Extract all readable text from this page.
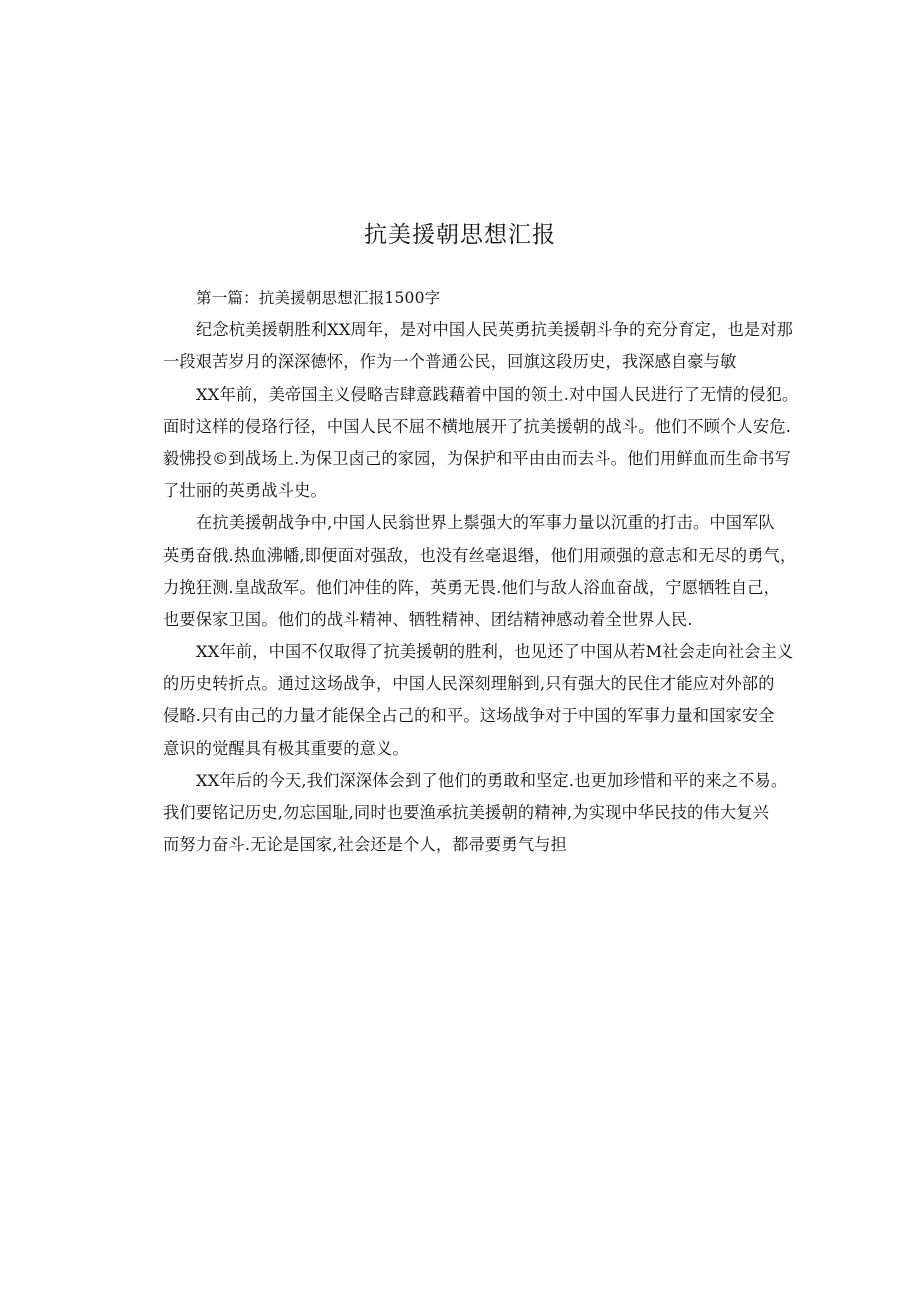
抗美援朝思想汇报
第一篇：抗美援朝思想汇报1500字
纪念杭美援朝胜利XX周年，是对中国人民英勇抗美援朝斗争的充分育定，也是对那
一段艰苦岁月的深深德怀，作为一个普通公民，回旗这段历史，我深感自豪与敏
XX年前，美帝国主义侵略吉肆意践藉着中国的领土.对中国人民进行了无情的侵犯。
面时这样的侵珞行径，中国人民不屈不横地展开了抗美援朝的战斗。他们不顾个人安危.
毅怫投©到战场上.为保卫卤己的家园，为保护和平由由而去斗。他们用鲜血而生命书写
了壮丽的英勇战斗史。
在抗美援朝战争中,中国人民翁世界上鬃强大的军事力量以沉重的打击。中国军队
英勇奋俄.热血沸幡,即便面对强敌，也没有丝毫退缗，他们用顽强的意志和无尽的勇气，
力挽狂测.皇战敌军。他们冲佳的阵，英勇无畏.他们与敌人浴血奋战，宁愿牺牲自己，
也要保家卫国。他们的战斗精神、牺牲精神、团结精神感动着全世界人民.
XX年前，中国不仅取得了抗美援朝的胜利，也见还了中国从若M社会走向社会主义
的历史转折点。通过这场战争，中国人民深刻理斛到,只有强大的民住才能应对外部的
侵略.只有由己的力量才能保全占己的和平。这场战争对于中国的军事力量和国家安全
意识的觉醒具有极其重要的意义。
XX年后的今天,我们深深体会到了他们的勇敢和坚定.也更加珍惜和平的来之不易。
我们要铭记历史,勿忘国耻,同时也要渔承抗美援朝的精神,为实现中华民技的伟大复兴
而努力奋斗.无论是国家,社会还是个人，都帚要勇气与担
